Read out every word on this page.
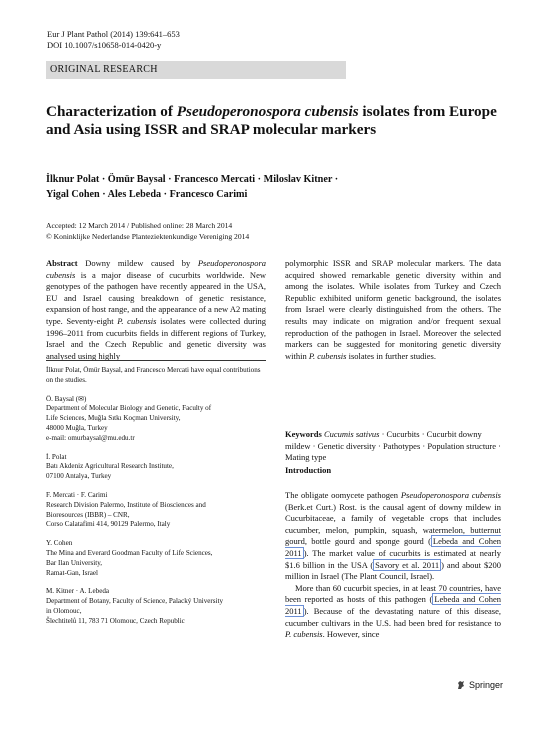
Eur J Plant Pathol (2014) 139:641–653
DOI 10.1007/s10658-014-0420-y
ORIGINAL RESEARCH
Characterization of Pseudoperonospora cubensis isolates from Europe and Asia using ISSR and SRAP molecular markers
İlknur Polat · Ömür Baysal · Francesco Mercati · Miloslav Kitner ·
Yigal Cohen · Ales Lebeda · Francesco Carimi
Accepted: 12 March 2014 / Published online: 28 March 2014
© Koninklijke Nederlandse Planteziektenkundige Vereniging 2014
Abstract Downy mildew caused by Pseudoperonospora cubensis is a major disease of cucurbits worldwide. New genotypes of the pathogen have recently appeared in the USA, EU and Israel causing breakdown of genetic resistance, expansion of host range, and the appearance of a new A2 mating type. Seventy-eight P. cubensis isolates were collected during 1996–2011 from cucurbits fields in different regions of Turkey, Israel and the Czech Republic and genetic diversity was analysed using highly
polymorphic ISSR and SRAP molecular markers. The data acquired showed remarkable genetic diversity within and among the isolates. While isolates from Turkey and Czech Republic exhibited uniform genetic background, the isolates from Israel were clearly distinguished from the others. The results may indicate on migration and/or frequent sexual reproduction of the pathogen in Israel. Moreover the selected markers can be suggested for monitoring genetic diversity within P. cubensis isolates in further studies.
İlknur Polat, Ömür Baysal, and Francesco Mercati have equal contributions on the studies.
Ö. Baysal (✉)
Department of Molecular Biology and Genetic, Faculty of
Life Sciences, Muğla Sıtkı Koçman University,
48000 Muğla, Turkey
e-mail: omurbaysal@mu.edu.tr
İ. Polat
Batı Akdeniz Agricultural Research Institute,
07100 Antalya, Turkey
F. Mercati · F. Carimi
Research Division Palermo, Institute of Biosciences and
Bioresources (IBBR) – CNR,
Corso Calatafimi 414, 90129 Palermo, Italy
Y. Cohen
The Mina and Everard Goodman Faculty of Life Sciences,
Bar Ilan University,
Ramat-Gan, Israel
M. Kitner · A. Lebeda
Department of Botany, Faculty of Science, Palacký University
in Olomouc,
Šlechtitelů 11, 783 71 Olomouc, Czech Republic
Keywords Cucumis sativus · Cucurbits · Cucurbit downy mildew · Genetic diversity · Pathotypes · Population structure · Mating type
Introduction

The obligate oomycete pathogen Pseudoperonospora cubensis (Berk.et Curt.) Rost. is the causal agent of downy mildew in Cucurbitaceae, a family of vegetable crops that includes cucumber, melon, pumpkin, squash, watermelon, butternut gourd, bottle gourd and sponge gourd ( Lebeda and Cohen 2011 ). The market value of cucurbits is estimated at nearly $1.6 billion in the USA ( Savory et al. 2011 ) and about $200 million in Israel (The Plant Council, Israel).

More than 60 cucurbit species, in at least 70 countries, have been reported as hosts of this pathogen ( Lebeda and Cohen 2011 ). Because of the devastating nature of this disease, cucumber cultivars in the U.S. had been bred for resistance to P. cubensis. However, since

Springer
